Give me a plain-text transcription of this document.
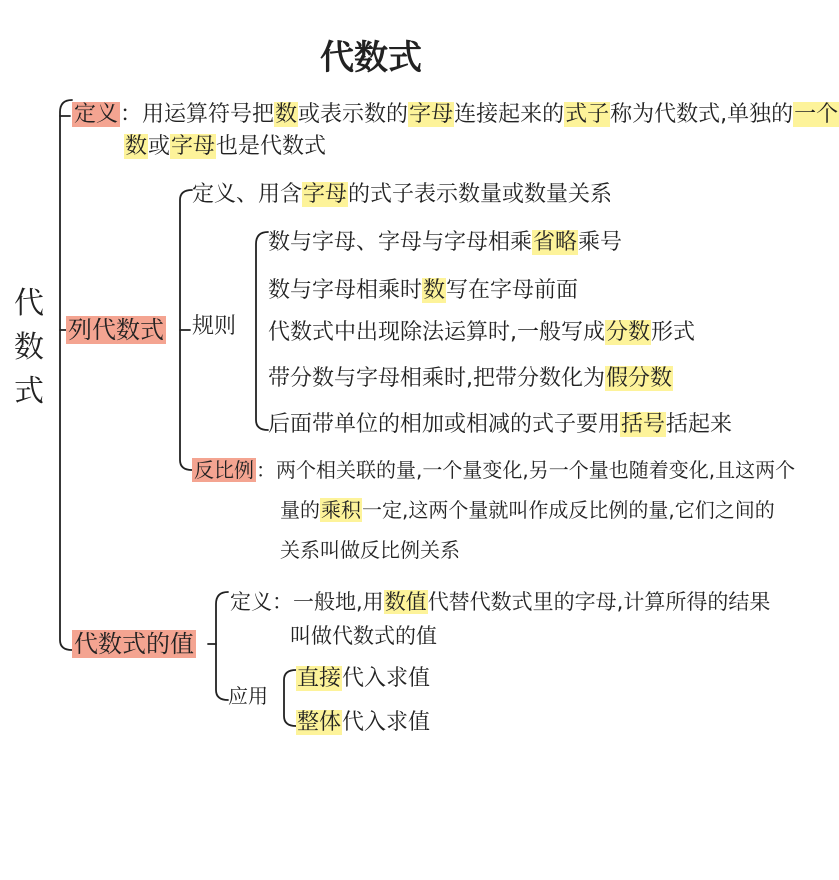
代数式
代
数
式
定义：用运算符号把数或表示数的字母连接起来的式子称为代数式,单独的一个
数或字母也是代数式
列代数式
定义、用含字母的式子表示数量或数量关系
规则
数与字母、字母与字母相乘省略乘号
数与字母相乘时数写在字母前面
代数式中出现除法运算时,一般写成分数形式
带分数与字母相乘时,把带分数化为假分数
后面带单位的相加或相减的式子要用括号括起来
反比例 ：两个相关联的量,一个量变化,另一个量也随着变化,且这两个
量的乘积一定,这两个量就叫作成反比例的量,它们之间的
关系叫做反比例关系
代数式的值
定义：一般地,用数值代替代数式里的字母,计算所得的结果
叫做代数式的值
应用
直接代入求值
整体代入求值
